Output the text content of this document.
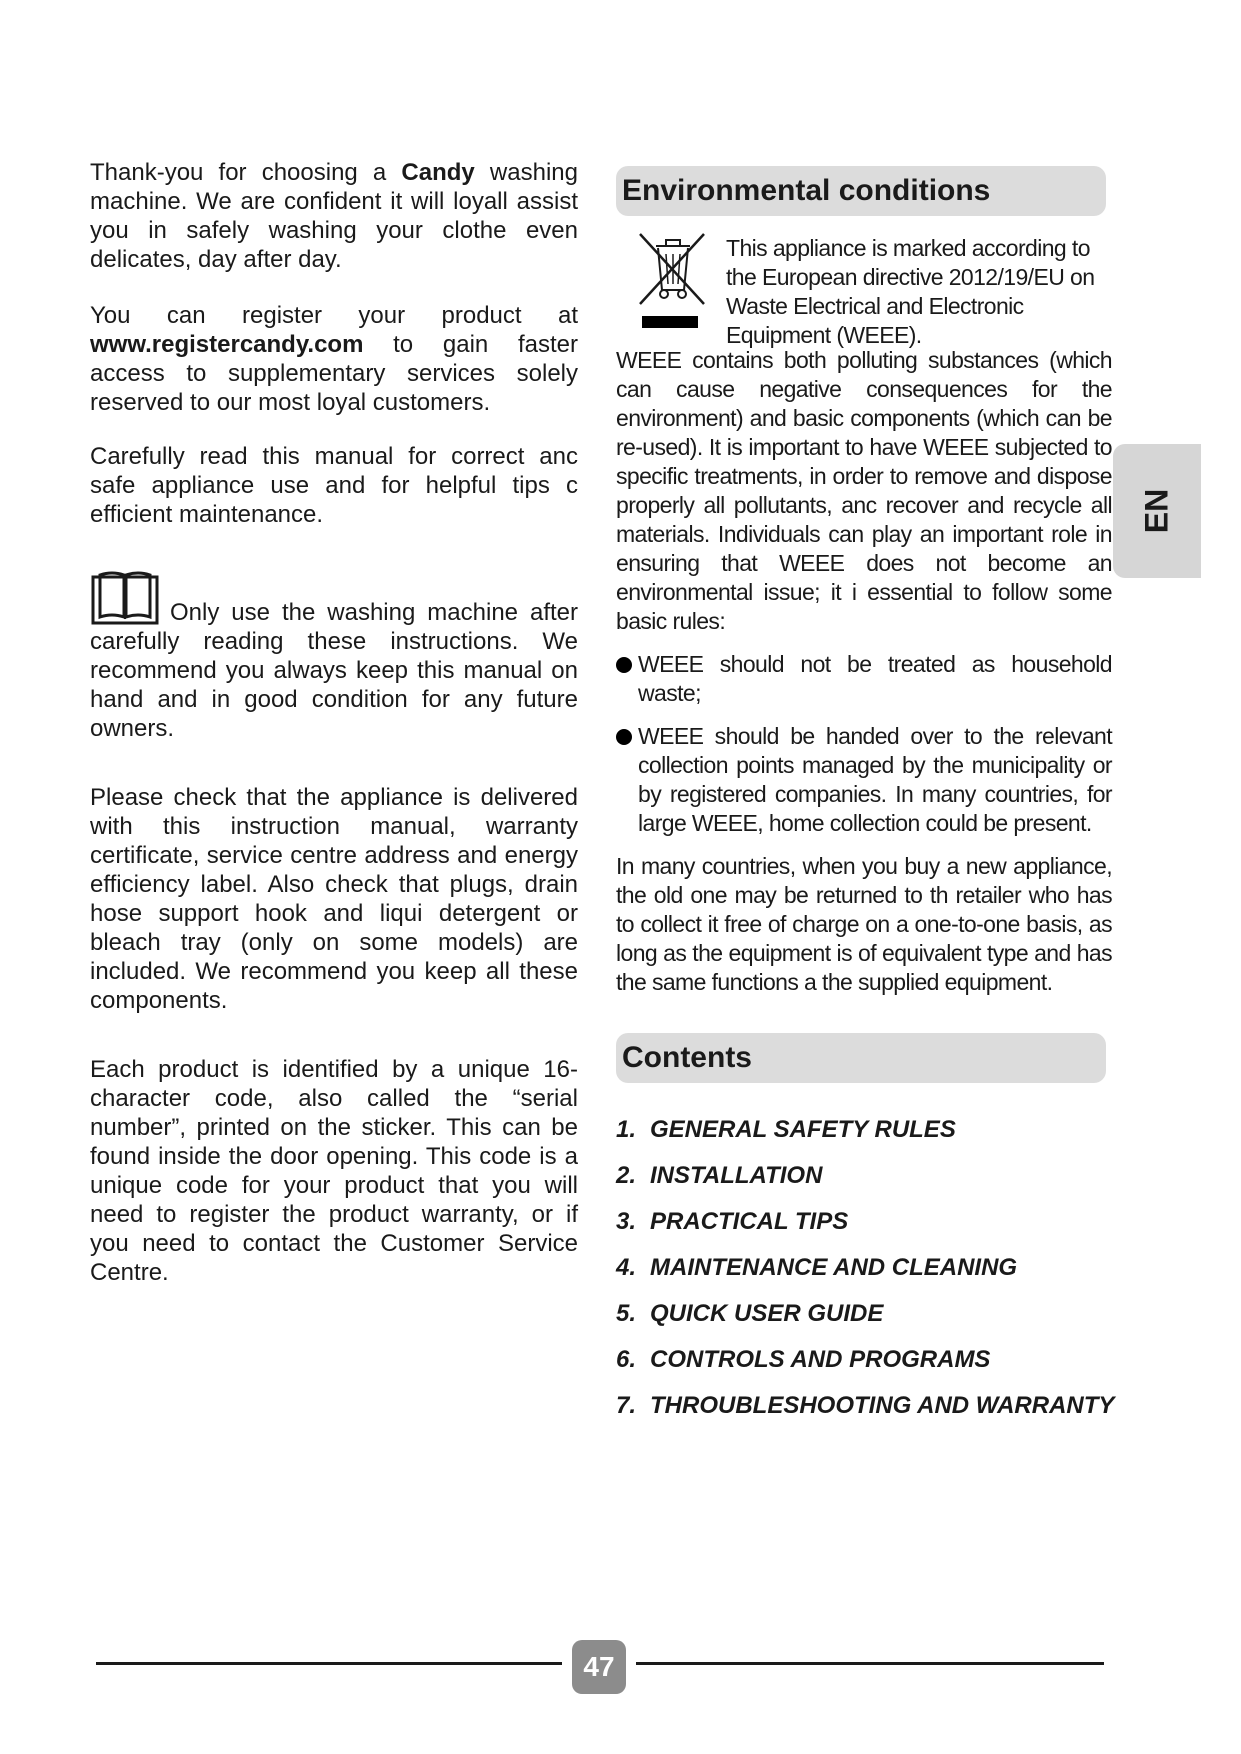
Thank-you for choosing a Candy washing machine. We are confident it will loyall assist you in safely washing your clothe even delicates, day after day.

You can register your product at www.registercandy.com to gain faster access to supplementary services solely reserved to our most loyal customers.

Carefully read this manual for correct anc safe appliance use and for helpful tips c efficient maintenance.

Only use the washing machine after carefully reading these instructions. We recommend you always keep this manual on hand and in good condition for any future owners.

Please check that the appliance is delivered with this instruction manual, warranty certificate, service centre address and energy efficiency label. Also check that plugs, drain hose support hook and liqui detergent or bleach tray (only on some models) are included. We recommend you keep all these components.

Each product is identified by a unique 16-character code, also called the “serial number”, printed on the sticker. This can be found inside the door opening. This code is a unique code for your product that you will need to register the product warranty, or if you need to contact the Customer Service Centre.

Environmental conditions

This appliance is marked according to the European directive 2012/19/EU on Waste Electrical and Electronic Equipment (WEEE).

WEEE contains both polluting substances (which can cause negative consequences for the environment) and basic components (which can be re-used). It is important to have WEEE subjected to specific treatments, in order to remove and dispose properly all pollutants, anc recover and recycle all materials. Individuals can play an important role in ensuring that WEEE does not become an environmental issue; it i essential to follow some basic rules:

WEEE should not be treated as household waste;
WEEE should be handed over to the relevant collection points managed by the municipality or by registered companies. In many countries, for large WEEE, home collection could be present.

In many countries, when you buy a new appliance, the old one may be returned to th retailer who has to collect it free of charge on a one-to-one basis, as long as the equipment is of equivalent type and has the same functions a the supplied equipment.

Contents
1. GENERAL SAFETY RULES
2. INSTALLATION
3. PRACTICAL TIPS
4. MAINTENANCE AND CLEANING
5. QUICK USER GUIDE
6. CONTROLS AND PROGRAMS
7. THROUBLESHOOTING AND WARRANTY
EN
47
